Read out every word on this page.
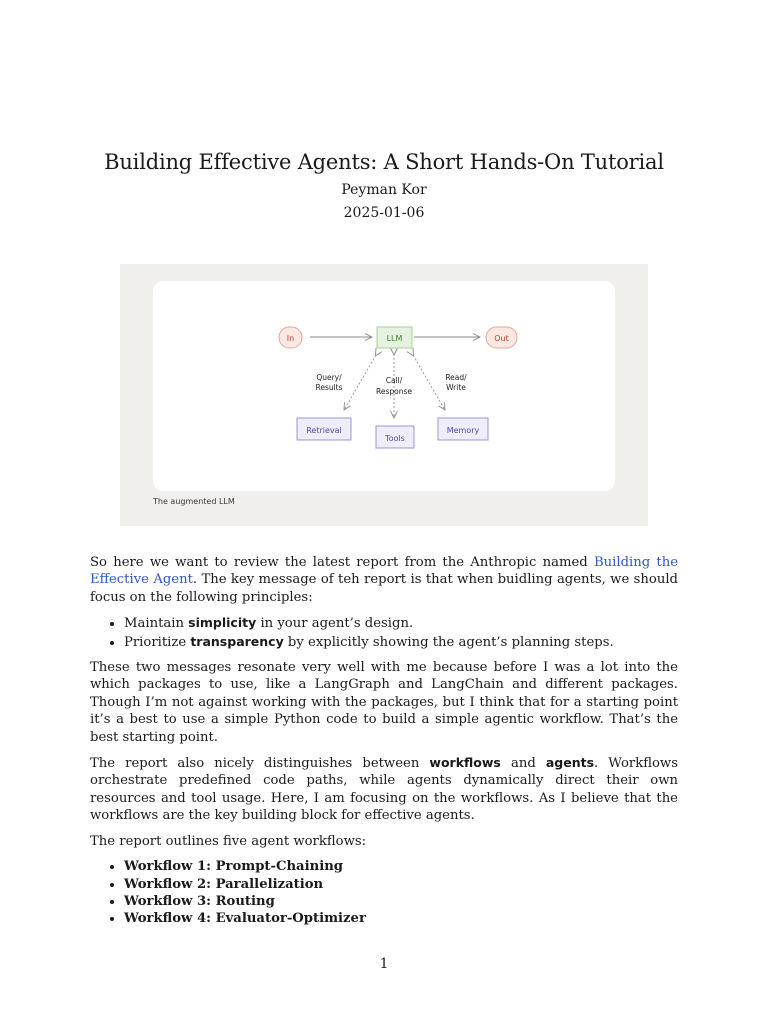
Building Effective Agents: A Short Hands-On Tutorial
Peyman Kor
2025-01-06
In	LLM	Out
Retrieval
Tools
Memory
Query/
Results
Call/
Response
Read/
Write
The augmented LLM

So here we want to review the latest report from the Anthropic named Building the Effective Agent. The key message of teh report is that when buidling agents, we should focus on the following principles:

• Maintain simplicity in your agent’s design.
• Prioritize transparency by explicitly showing the agent’s planning steps.

These two messages resonate very well with me because before I was a lot into the which packages to use, like a LangGraph and LangChain and different packages. Though I’m not against working with the packages, but I think that for a starting point it’s a best to use a simple Python code to build a simple agentic workflow. That’s the best starting point.

The report also nicely distinguishes between workflows and agents. Workflows orchestrate predefined code paths, while agents dynamically direct their own resources and tool usage. Here, I am focusing on the workflows. As I believe that the workflows are the key building block for effective agents.

The report outlines five agent workflows:

• Workflow 1: Prompt-Chaining
• Workflow 2: Parallelization
• Workflow 3: Routing
• Workflow 4: Evaluator-Optimizer
1
